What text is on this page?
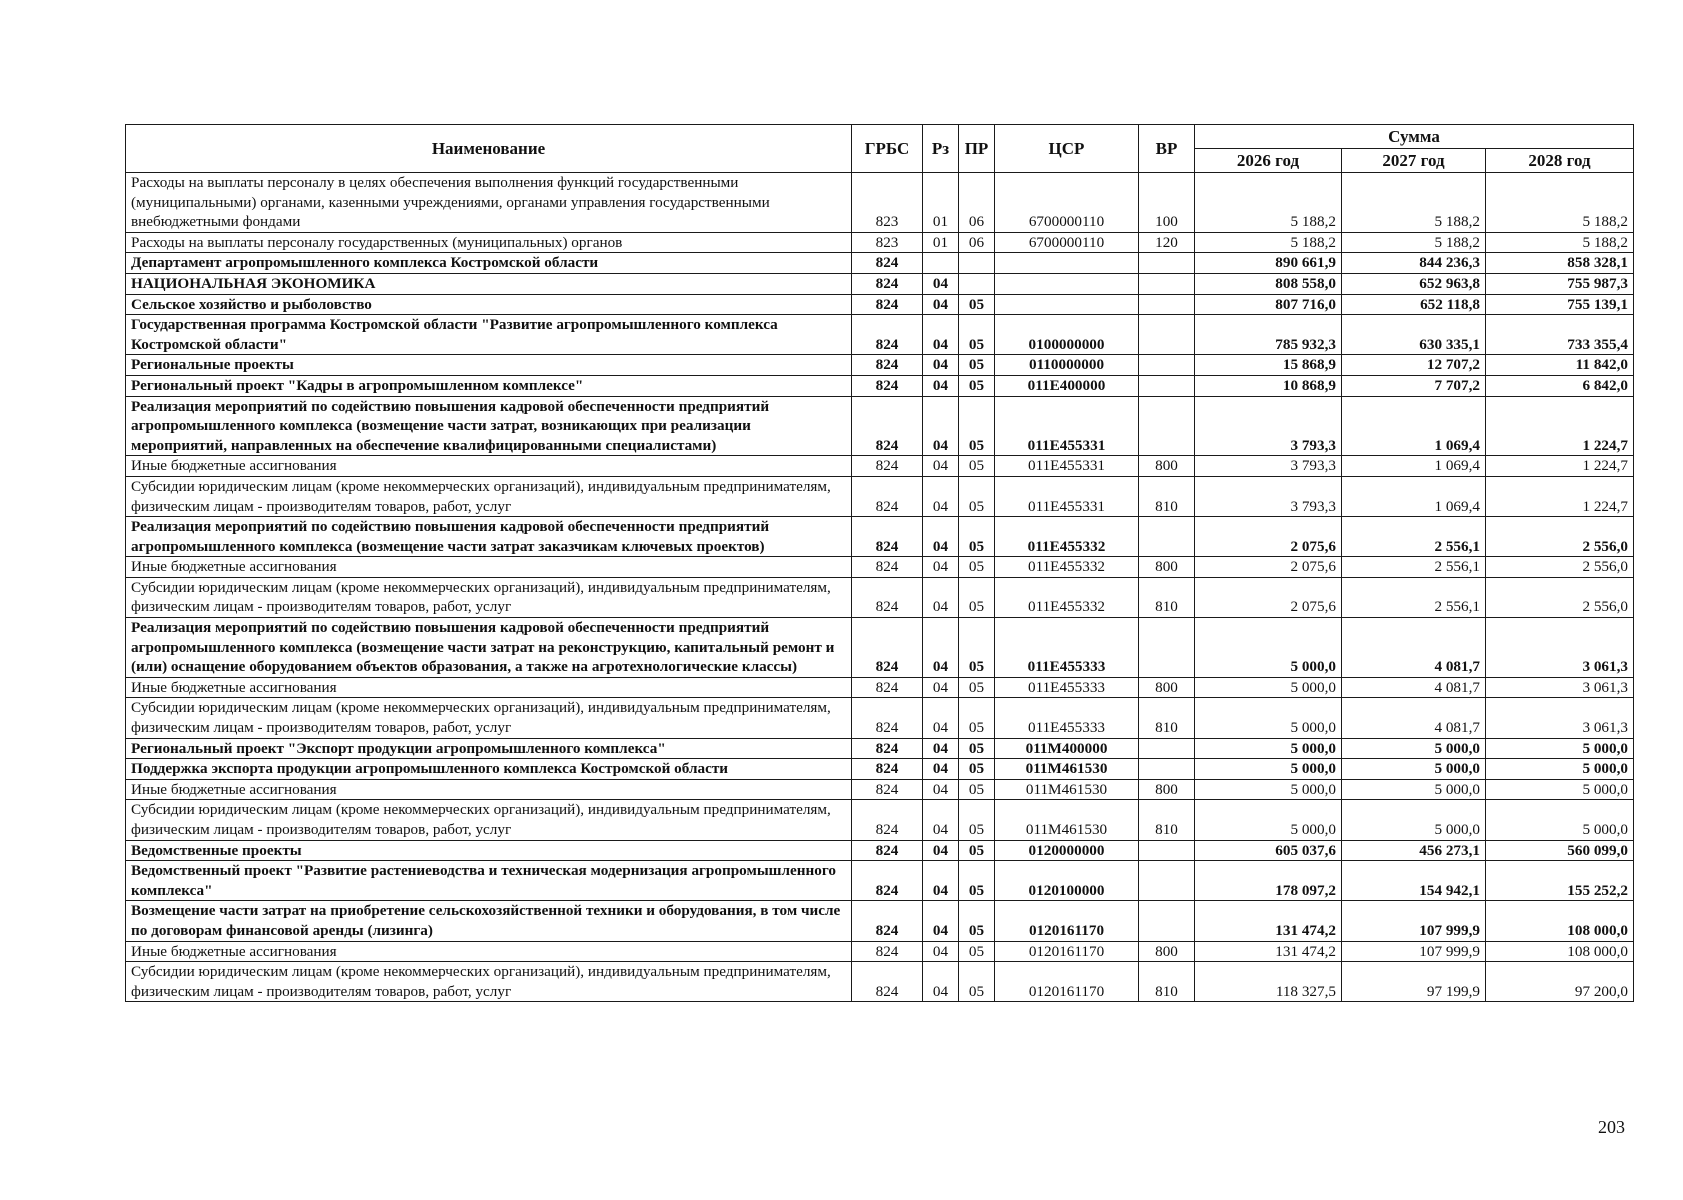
Наименование	ГРБС	Рз	ПР	ЦСР	ВР	Сумма		
						2026 год	2027 год	2028 год
Расходы на выплаты персоналу в целях обеспечения выполнения функций государственными (муниципальными) органами, казенными учреждениями, органами управления государственными внебюджетными фондами	823	01	06	6700000110	100	5 188,2	5 188,2	5 188,2
Расходы на выплаты персоналу государственных (муниципальных) органов	823	01	06	6700000110	120	5 188,2	5 188,2	5 188,2
Департамент агропромышленного комплекса Костромской области	824					890 661,9	844 236,3	858 328,1
НАЦИОНАЛЬНАЯ ЭКОНОМИКА	824	04				808 558,0	652 963,8	755 987,3
Сельское хозяйство и рыболовство	824	04	05			807 716,0	652 118,8	755 139,1
Государственная программа Костромской области "Развитие агропромышленного комплекса Костромской области"	824	04	05	0100000000		785 932,3	630 335,1	733 355,4
Региональные проекты	824	04	05	0110000000		15 868,9	12 707,2	11 842,0
Региональный проект "Кадры в агропромышленном комплексе"	824	04	05	011Е400000		10 868,9	7 707,2	6 842,0
Реализация мероприятий по содействию повышения кадровой обеспеченности предприятий агропромышленного комплекса (возмещение части затрат, возникающих при реализации мероприятий, направленных на обеспечение квалифицированными специалистами)	824	04	05	011Е455331		3 793,3	1 069,4	1 224,7
Иные бюджетные ассигнования	824	04	05	011Е455331	800	3 793,3	1 069,4	1 224,7
Субсидии юридическим лицам (кроме некоммерческих организаций), индивидуальным предпринимателям, физическим лицам - производителям товаров, работ, услуг	824	04	05	011Е455331	810	3 793,3	1 069,4	1 224,7
Реализация мероприятий по содействию повышения кадровой обеспеченности предприятий агропромышленного комплекса (возмещение части затрат заказчикам ключевых проектов)	824	04	05	011Е455332		2 075,6	2 556,1	2 556,0
Иные бюджетные ассигнования	824	04	05	011Е455332	800	2 075,6	2 556,1	2 556,0
Субсидии юридическим лицам (кроме некоммерческих организаций), индивидуальным предпринимателям, физическим лицам - производителям товаров, работ, услуг	824	04	05	011Е455332	810	2 075,6	2 556,1	2 556,0
Реализация мероприятий по содействию повышения кадровой обеспеченности предприятий агропромышленного комплекса (возмещение части затрат на реконструкцию, капитальный ремонт и (или) оснащение оборудованием объектов образования, а также на агротехнологические классы)	824	04	05	011Е455333		5 000,0	4 081,7	3 061,3
Иные бюджетные ассигнования	824	04	05	011Е455333	800	5 000,0	4 081,7	3 061,3
Субсидии юридическим лицам (кроме некоммерческих организаций), индивидуальным предпринимателям, физическим лицам - производителям товаров, работ, услуг	824	04	05	011Е455333	810	5 000,0	4 081,7	3 061,3
Региональный проект "Экспорт продукции агропромышленного комплекса"	824	04	05	011М400000		5 000,0	5 000,0	5 000,0
Поддержка экспорта продукции агропромышленного комплекса Костромской области	824	04	05	011М461530		5 000,0	5 000,0	5 000,0
Иные бюджетные ассигнования	824	04	05	011М461530	800	5 000,0	5 000,0	5 000,0
Субсидии юридическим лицам (кроме некоммерческих организаций), индивидуальным предпринимателям, физическим лицам - производителям товаров, работ, услуг	824	04	05	011М461530	810	5 000,0	5 000,0	5 000,0
Ведомственные проекты	824	04	05	0120000000		605 037,6	456 273,1	560 099,0
Ведомственный проект "Развитие растениеводства и техническая модернизация агропромышленного комплекса"	824	04	05	0120100000		178 097,2	154 942,1	155 252,2
Возмещение части затрат на приобретение сельскохозяйственной техники и оборудования, в том числе по договорам финансовой аренды (лизинга)	824	04	05	0120161170		131 474,2	107 999,9	108 000,0
Иные бюджетные ассигнования	824	04	05	0120161170	800	131 474,2	107 999,9	108 000,0
Субсидии юридическим лицам (кроме некоммерческих организаций), индивидуальным предпринимателям, физическим лицам - производителям товаров, работ, услуг	824	04	05	0120161170	810	118 327,5	97 199,9	97 200,0
203
